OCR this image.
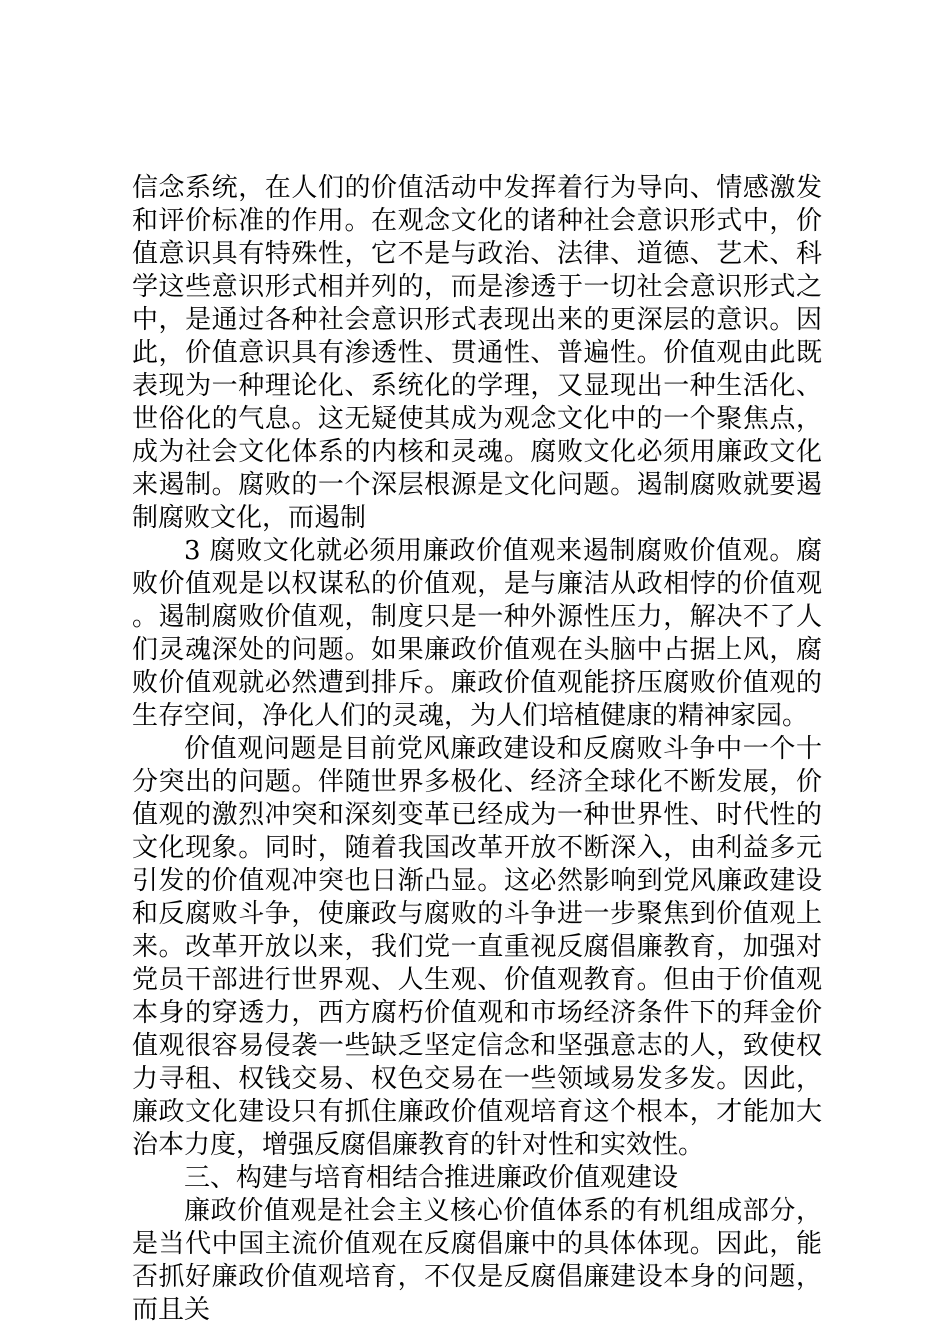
信念系统，在人们的价值活动中发挥着行为导向、情感激发和评价标准的作用。在观念文化的诸种社会意识形式中，价值意识具有特殊性，它不是与政治、法律、道德、艺术、科学这些意识形式相并列的，而是渗透于一切社会意识形式之中，是通过各种社会意识形式表现出来的更深层的意识。因此，价值意识具有渗透性、贯通性、普遍性。价值观由此既表现为一种理论化、系统化的学理，又显现出一种生活化、世俗化的气息。这无疑使其成为观念文化中的一个聚焦点，成为社会文化体系的内核和灵魂。腐败文化必须用廉政文化来遏制。腐败的一个深层根源是文化问题。遏制腐败就要遏制腐败文化，而遏制

3 腐败文化就必须用廉政价值观来遏制腐败价值观。腐败价值观是以权谋私的价值观，是与廉洁从政相悖的价值观。遏制腐败价值观，制度只是一种外源性压力，解决不了人们灵魂深处的问题。如果廉政价值观在头脑中占据上风，腐败价值观就必然遭到排斥。廉政价值观能挤压腐败价值观的生存空间，净化人们的灵魂，为人们培植健康的精神家园。

价值观问题是目前党风廉政建设和反腐败斗争中一个十分突出的问题。伴随世界多极化、经济全球化不断发展，价值观的激烈冲突和深刻变革已经成为一种世界性、时代性的文化现象。同时，随着我国改革开放不断深入，由利益多元引发的价值观冲突也日渐凸显。这必然影响到党风廉政建设和反腐败斗争，使廉政与腐败的斗争进一步聚焦到价值观上来。改革开放以来，我们党一直重视反腐倡廉教育，加强对党员干部进行世界观、人生观、价值观教育。但由于价值观本身的穿透力，西方腐朽价值观和市场经济条件下的拜金价值观很容易侵袭一些缺乏坚定信念和坚强意志的人，致使权力寻租、权钱交易、权色交易在一些领域易发多发。因此，廉政文化建设只有抓住廉政价值观培育这个根本，才能加大治本力度，增强反腐倡廉教育的针对性和实效性。

三、构建与培育相结合推进廉政价值观建设

廉政价值观是社会主义核心价值体系的有机组成部分，是当代中国主流价值观在反腐倡廉中的具体体现。因此，能否抓好廉政价值观培育，不仅是反腐倡廉建设本身的问题，而且关
